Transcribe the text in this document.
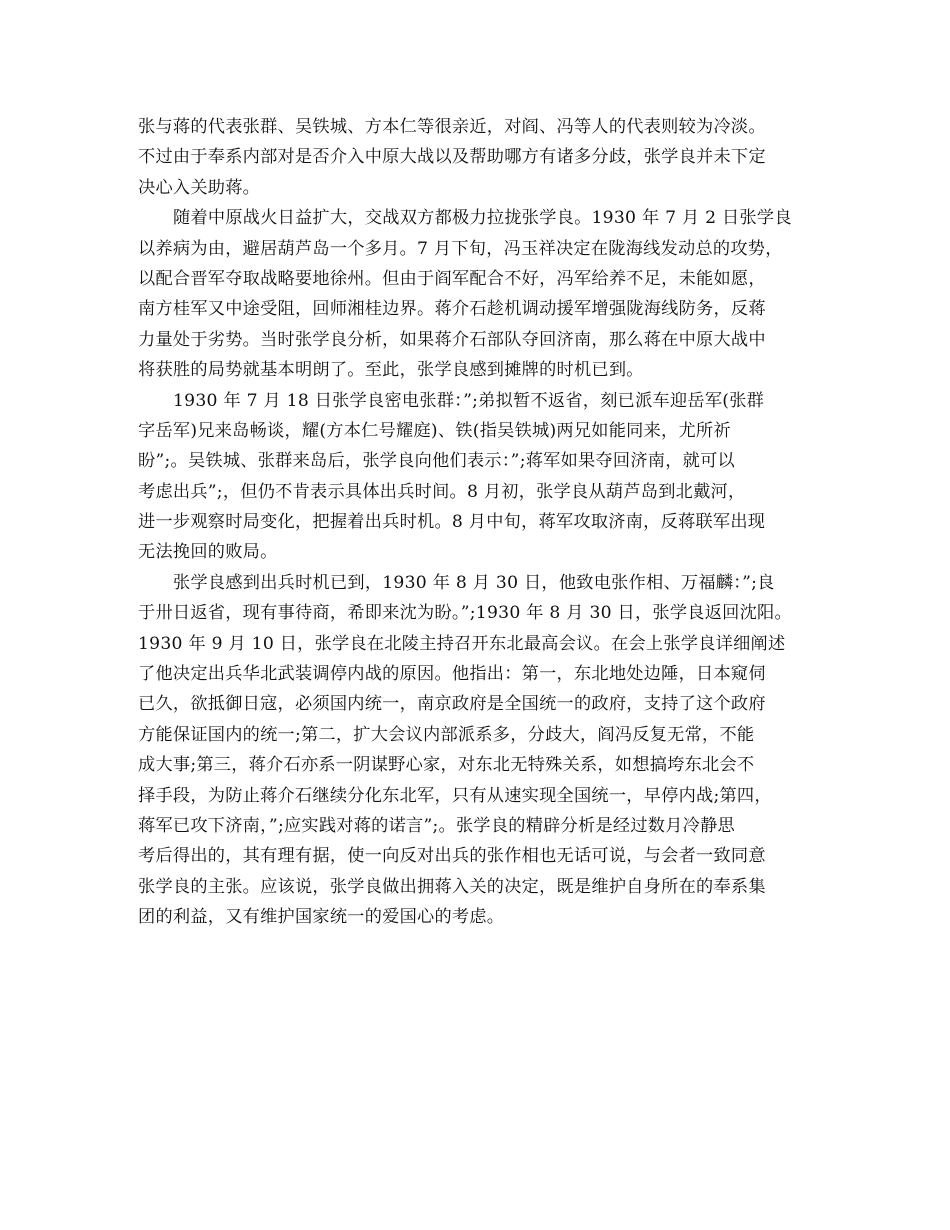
张与蒋的代表张群、吴铁城、方本仁等很亲近，对阎、冯等人的代表则较为冷淡。
不过由于奉系内部对是否介入中原大战以及帮助哪方有诸多分歧，张学良并未下定
决心入关助蒋。
随着中原战火日益扩大，交战双方都极力拉拢张学良。1930 年 7 月 2 日张学良
以养病为由，避居葫芦岛一个多月。7 月下旬，冯玉祥决定在陇海线发动总的攻势，
以配合晋军夺取战略要地徐州。但由于阎军配合不好，冯军给养不足，未能如愿，
南方桂军又中途受阻，回师湘桂边界。蒋介石趁机调动援军增强陇海线防务，反蒋
力量处于劣势。当时张学良分析，如果蒋介石部队夺回济南，那么蒋在中原大战中
将获胜的局势就基本明朗了。至此，张学良感到摊牌的时机已到。
1930 年 7 月 18 日张学良密电张群：”;弟拟暂不返省，刻已派车迎岳军(张群
字岳军)兄来岛畅谈，耀(方本仁号耀庭)、铁(指吴铁城)两兄如能同来，尤所祈
盼”;。吴铁城、张群来岛后，张学良向他们表示：”;蒋军如果夺回济南，就可以
考虑出兵”;，但仍不肯表示具体出兵时间。8 月初，张学良从葫芦岛到北戴河，
进一步观察时局变化，把握着出兵时机。8 月中旬，蒋军攻取济南，反蒋联军出现
无法挽回的败局。
张学良感到出兵时机已到，1930 年 8 月 30 日，他致电张作相、万福麟：”;良
于卅日返省，现有事待商，希即来沈为盼。”;1930 年 8 月 30 日，张学良返回沈阳。
1930 年 9 月 10 日，张学良在北陵主持召开东北最高会议。在会上张学良详细阐述
了他决定出兵华北武装调停内战的原因。他指出：第一，东北地处边陲，日本窥伺
已久，欲抵御日寇，必须国内统一，南京政府是全国统一的政府，支持了这个政府
方能保证国内的统一;第二，扩大会议内部派系多，分歧大，阎冯反复无常，不能
成大事;第三，蒋介石亦系一阴谋野心家，对东北无特殊关系，如想搞垮东北会不
择手段，为防止蒋介石继续分化东北军，只有从速实现全国统一，早停内战;第四，
蒋军已攻下济南，”;应实践对蒋的诺言”;。张学良的精辟分析是经过数月冷静思
考后得出的，其有理有据，使一向反对出兵的张作相也无话可说，与会者一致同意
张学良的主张。应该说，张学良做出拥蒋入关的决定，既是维护自身所在的奉系集
团的利益，又有维护国家统一的爱国心的考虑。
